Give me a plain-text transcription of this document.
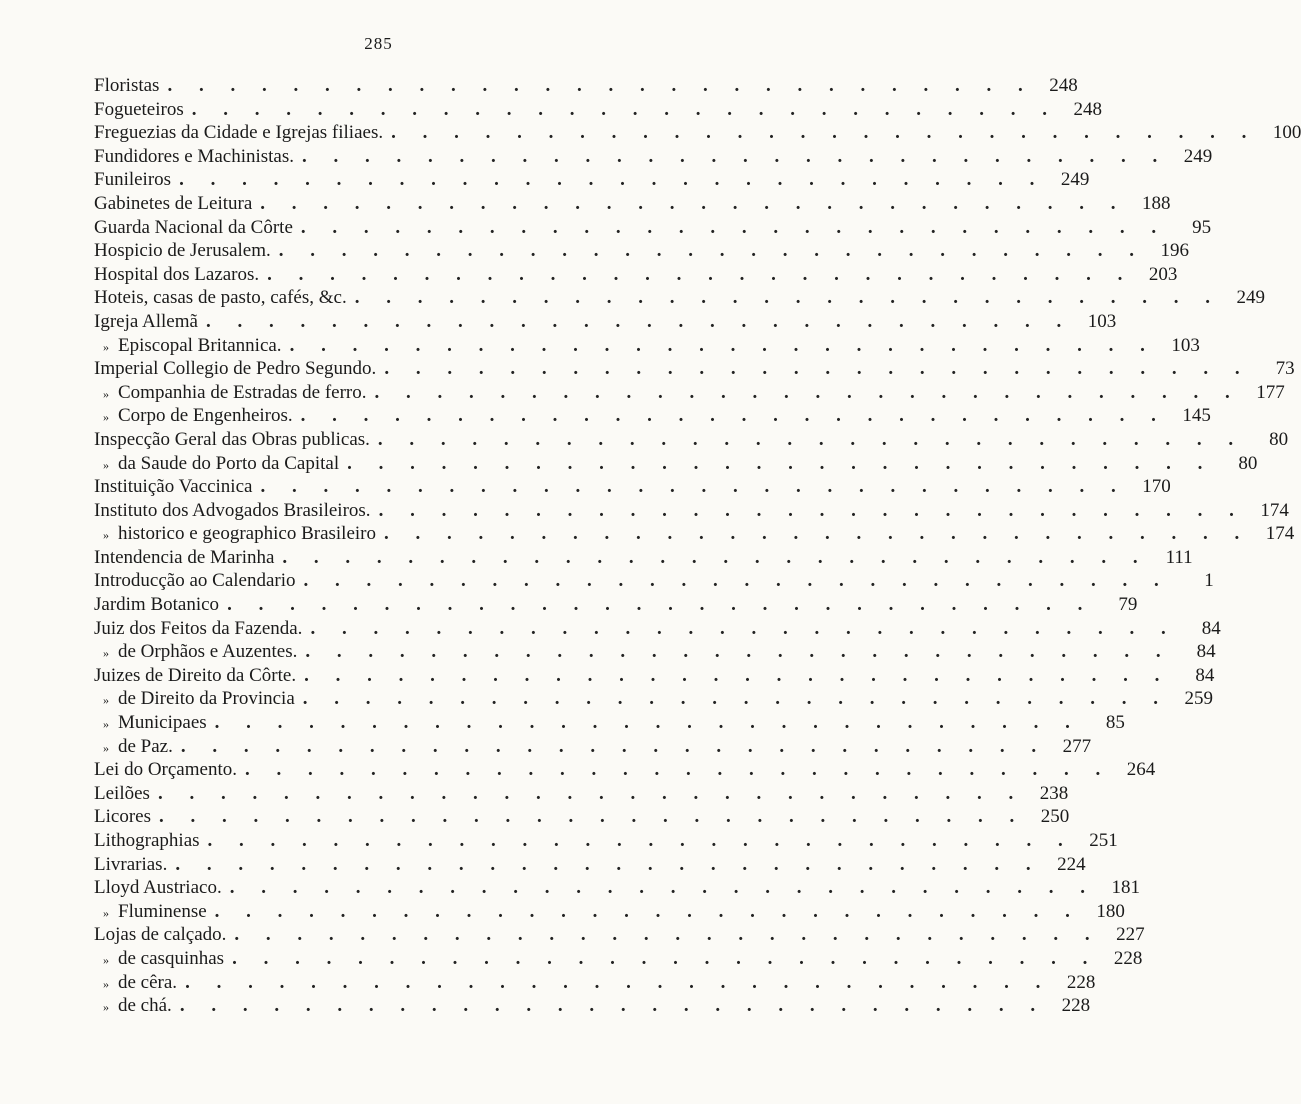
285
Floristas . . . . . . . . . . . . . . . . . . . . . . . . . . . . 248
Fogueteiros . . . . . . . . . . . . . . . . . . . . . . . . . . . . 248
Freguezias da Cidade e Igrejas filiaes. . . . . . . . . . . . . . . . . . . . . . . . . . . . . 100
Fundidores e Machinistas. . . . . . . . . . . . . . . . . . . . . . . . . . . . . 249
Funileiros . . . . . . . . . . . . . . . . . . . . . . . . . . . . 249
Gabinetes de Leitura . . . . . . . . . . . . . . . . . . . . . . . . . . . . 188
Guarda Nacional da Côrte . . . . . . . . . . . . . . . . . . . . . . . . . . . .	95
Hospicio de Jerusalem. . . . . . . . . . . . . . . . . . . . . . . . . . . . . 196
Hospital dos Lazaros. . . . . . . . . . . . . . . . . . . . . . . . . . . . . 203
Hoteis, casas de pasto, cafés, &c. . . . . . . . . . . . . . . . . . . . . . . . . . . . . 249
Igreja Allemã . . . . . . . . . . . . . . . . . . . . . . . . . . . . 103
» Episcopal Britannica. . . . . . . . . . . . . . . . . . . . . . . . . . . . . 103
Imperial Collegio de Pedro Segundo. . . . . . . . . . . . . . . . . . . . . . . . . . . . .	73
» Companhia de Estradas de ferro. . . . . . . . . . . . . . . . . . . . . . . . . . . . . 177
» Corpo de Engenheiros. . . . . . . . . . . . . . . . . . . . . . . . . . . . . 145
Inspecção Geral das Obras publicas. . . . . . . . . . . . . . . . . . . . . . . . . . . . .	80
» da Saude do Porto da Capital . . . . . . . . . . . . . . . . . . . . . . . . . . . .	80
Instituição Vaccinica . . . . . . . . . . . . . . . . . . . . . . . . . . . . 170
Instituto dos Advogados Brasileiros. . . . . . . . . . . . . . . . . . . . . . . . . . . . . 174
» historico e geographico Brasileiro . . . . . . . . . . . . . . . . . . . . . . . . . . . . 174
Intendencia de Marinha . . . . . . . . . . . . . . . . . . . . . . . . . . . . 111
Introducção ao Calendario . . . . . . . . . . . . . . . . . . . . . . . . . . . .	1
Jardim Botanico . . . . . . . . . . . . . . . . . . . . . . . . . . . .	79
Juiz dos Feitos da Fazenda. . . . . . . . . . . . . . . . . . . . . . . . . . . . .	84
» de Orphãos e Auzentes. . . . . . . . . . . . . . . . . . . . . . . . . . . . .	84
Juizes de Direito da Côrte. . . . . . . . . . . . . . . . . . . . . . . . . . . . .	84
» de Direito da Provincia . . . . . . . . . . . . . . . . . . . . . . . . . . . . 259
» Municipaes . . . . . . . . . . . . . . . . . . . . . . . . . . . .	85
» de Paz. . . . . . . . . . . . . . . . . . . . . . . . . . . . . 277
Lei do Orçamento. . . . . . . . . . . . . . . . . . . . . . . . . . . . . 264
Leilões . . . . . . . . . . . . . . . . . . . . . . . . . . . . 238
Licores . . . . . . . . . . . . . . . . . . . . . . . . . . . . 250
Lithographias . . . . . . . . . . . . . . . . . . . . . . . . . . . . 251
Livrarias. . . . . . . . . . . . . . . . . . . . . . . . . . . . . 224
Lloyd Austriaco. . . . . . . . . . . . . . . . . . . . . . . . . . . . . 181
» Fluminense . . . . . . . . . . . . . . . . . . . . . . . . . . . . 180
Lojas de calçado. . . . . . . . . . . . . . . . . . . . . . . . . . . . . 227
» de casquinhas . . . . . . . . . . . . . . . . . . . . . . . . . . . . 228
» de cêra. . . . . . . . . . . . . . . . . . . . . . . . . . . . . 228
» de chá. . . . . . . . . . . . . . . . . . . . . . . . . . . . . 228
